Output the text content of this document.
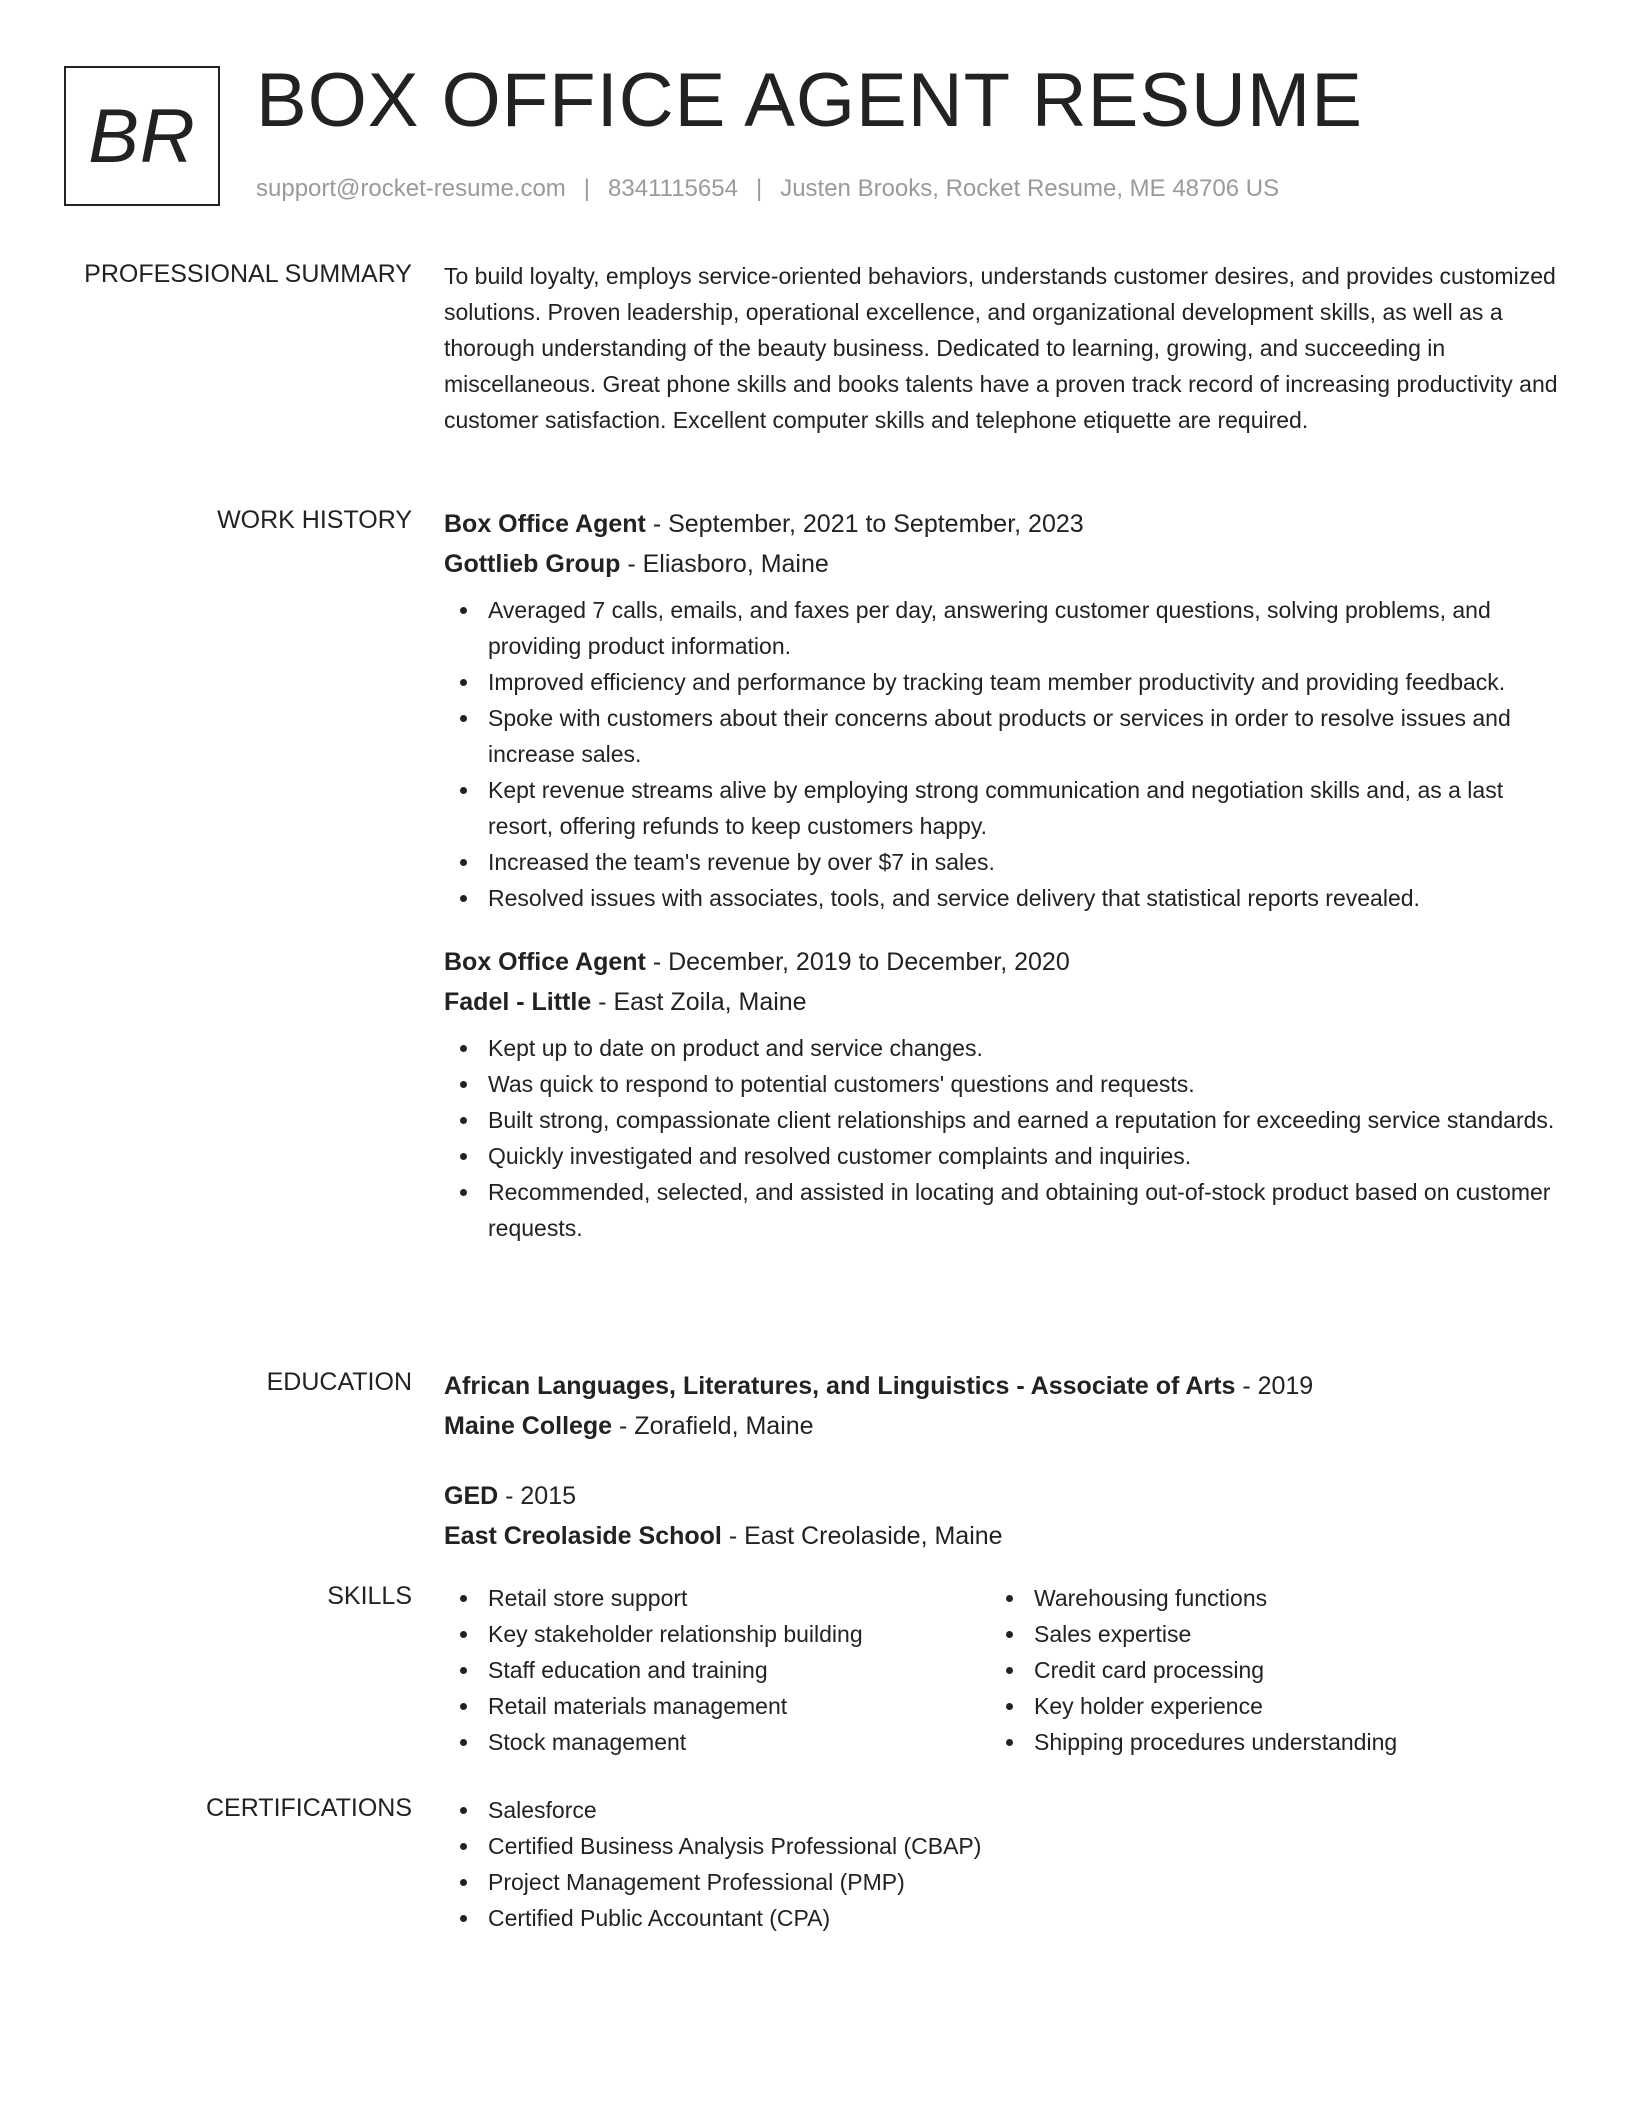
BR BOX OFFICE AGENT RESUME
support@rocket-resume.com | 8341115654 | Justen Brooks, Rocket Resume, ME 48706 US
PROFESSIONAL SUMMARY To build loyalty, employs service-oriented behaviors, understands customer desires, and provides customized solutions. Proven leadership, operational excellence, and organizational development skills, as well as a thorough understanding of the beauty business. Dedicated to learning, growing, and succeeding in miscellaneous. Great phone skills and books talents have a proven track record of increasing productivity and customer satisfaction. Excellent computer skills and telephone etiquette are required.

WORK HISTORY Box Office Agent - September, 2021 to September, 2023
Gottlieb Group - Eliasboro, Maine
Averaged 7 calls, emails, and faxes per day, answering customer questions, solving problems, and providing product information.
Improved efficiency and performance by tracking team member productivity and providing feedback.
Spoke with customers about their concerns about products or services in order to resolve issues and increase sales.
Kept revenue streams alive by employing strong communication and negotiation skills and, as a last resort, offering refunds to keep customers happy.
Increased the team's revenue by over $7 in sales.
Resolved issues with associates, tools, and service delivery that statistical reports revealed.
Box Office Agent - December, 2019 to December, 2020
Fadel - Little - East Zoila, Maine
Kept up to date on product and service changes.
Was quick to respond to potential customers' questions and requests.
Built strong, compassionate client relationships and earned a reputation for exceeding service standards.
Quickly investigated and resolved customer complaints and inquiries.
Recommended, selected, and assisted in locating and obtaining out-of-stock product based on customer requests.
EDUCATION African Languages, Literatures, and Linguistics - Associate of Arts - 2019
Maine College - Zorafield, Maine
GED - 2015
East Creolaside School - East Creolaside, Maine
SKILLS	Retail store support
Key stakeholder relationship building
Staff education and training
Retail materials management
Stock management
Warehousing functions
Sales expertise
Credit card processing
Key holder experience
Shipping procedures understanding
CERTIFICATIONS	Salesforce
Certified Business Analysis Professional (CBAP)
Project Management Professional (PMP)
Certified Public Accountant (CPA)
